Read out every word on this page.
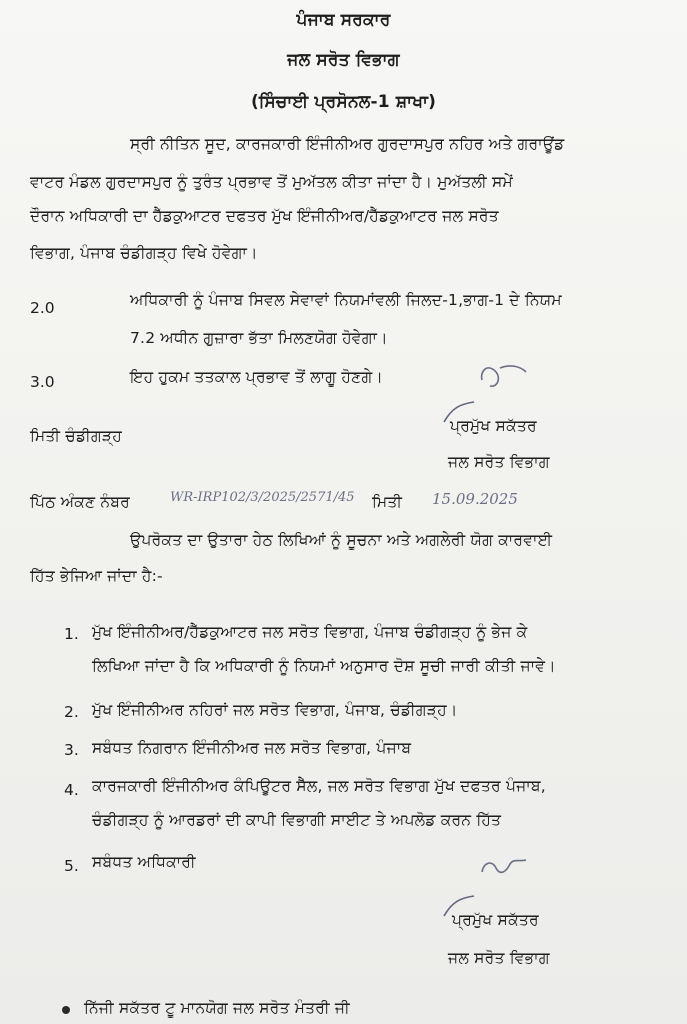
ਪੰਜਾਬ ਸਰਕਾਰ
ਜਲ ਸਰੋਤ ਵਿਭਾਗ
(ਸਿੰਚਾਈ ਪ੍ਰਸੋਨਲ-1 ਸ਼ਾਖਾ)
ਸ੍ਰੀ ਨੀਤਿਨ ਸੂਦ, ਕਾਰਜਕਾਰੀ ਇੰਜੀਨੀਅਰ ਗੁਰਦਾਸਪੁਰ ਨਹਿਰ ਅਤੇ ਗਰਾਊਂਡ
ਵਾਟਰ ਮੰਡਲ ਗੁਰਦਾਸਪੁਰ ਨੂੰ ਤੁਰੰਤ ਪ੍ਰਭਾਵ ਤੋਂ ਮੁਅੱਤਲ ਕੀਤਾ ਜਾਂਦਾ ਹੈ। ਮੁਅੱਤਲੀ ਸਮੇਂ
ਦੌਰਾਨ ਅਧਿਕਾਰੀ ਦਾ ਹੈੱਡਕੁਆਟਰ ਦਫਤਰ ਮੁੱਖ ਇੰਜੀਨੀਅਰ/ਹੈੱਡਕੁਆਟਰ ਜਲ ਸਰੋਤ
ਵਿਭਾਗ, ਪੰਜਾਬ ਚੰਡੀਗੜ੍ਹ ਵਿਖੇ ਹੋਵੇਗਾ।
2.0	ਅਧਿਕਾਰੀ ਨੂੰ ਪੰਜਾਬ ਸਿਵਲ ਸੇਵਾਵਾਂ ਨਿਯਮਾਂਵਲੀ ਜਿਲਦ-1,ਭਾਗ-1 ਦੇ ਨਿਯਮ
7.2 ਅਧੀਨ ਗੁਜ਼ਾਰਾ ਭੱਤਾ ਮਿਲਣਯੋਗ ਹੋਵੇਗਾ।
3.0	ਇਹ ਹੁਕਮ ਤਤਕਾਲ ਪ੍ਰਭਾਵ ਤੋਂ ਲਾਗੂ ਹੋਣਗੇ।
ਮਿਤੀ ਚੰਡੀਗੜ੍ਹ
ਪ੍ਰਮੁੱਖ ਸਕੱਤਰ
ਜਲ ਸਰੋਤ ਵਿਭਾਗ
ਪਿੱਠ ਅੰਕਣ ਨੰਬਰ	WR-IRP102/3/2025/2571/45 ਮਿਤੀ 15.09.2025
ਉਪਰੋਕਤ ਦਾ ਉਤਾਰਾ ਹੇਠ ਲਿਖਿਆਂ ਨੂੰ ਸੂਚਨਾ ਅਤੇ ਅਗਲੇਰੀ ਯੋਗ ਕਾਰਵਾਈ
ਹਿੱਤ ਭੇਜਿਆ ਜਾਂਦਾ ਹੈ:-
1. ਮੁੱਖ ਇੰਜੀਨੀਅਰ/ਹੈੱਡਕੁਆਟਰ ਜਲ ਸਰੋਤ ਵਿਭਾਗ, ਪੰਜਾਬ ਚੰਡੀਗੜ੍ਹ ਨੂੰ ਭੇਜ ਕੇ
ਲਿਖਿਆ ਜਾਂਦਾ ਹੈ ਕਿ ਅਧਿਕਾਰੀ ਨੂੰ ਨਿਯਮਾਂ ਅਨੁਸਾਰ ਦੋਸ਼ ਸੂਚੀ ਜਾਰੀ ਕੀਤੀ ਜਾਵੇ।
2. ਮੁੱਖ ਇੰਜੀਨੀਅਰ ਨਹਿਰਾਂ ਜਲ ਸਰੋਤ ਵਿਭਾਗ, ਪੰਜਾਬ, ਚੰਡੀਗੜ੍ਹ।
3. ਸਬੰਧਤ ਨਿਗਰਾਨ ਇੰਜੀਨੀਅਰ ਜਲ ਸਰੋਤ ਵਿਭਾਗ, ਪੰਜਾਬ
4. ਕਾਰਜਕਾਰੀ ਇੰਜੀਨੀਅਰ ਕੰਪਿਊਟਰ ਸੈੱਲ, ਜਲ ਸਰੋਤ ਵਿਭਾਗ ਮੁੱਖ ਦਫਤਰ ਪੰਜਾਬ,
ਚੰਡੀਗੜ੍ਹ ਨੂੰ ਆਰਡਰਾਂ ਦੀ ਕਾਪੀ ਵਿਭਾਗੀ ਸਾਈਟ ਤੇ ਅਪਲੋਡ ਕਰਨ ਹਿੱਤ
5. ਸਬੰਧਤ ਅਧਿਕਾਰੀ
ਪ੍ਰਮੁੱਖ ਸਕੱਤਰ
ਜਲ ਸਰੋਤ ਵਿਭਾਗ
ਨਿੱਜੀ ਸਕੱਤਰ ਟੂ ਮਾਨਯੋਗ ਜਲ ਸਰੋਤ ਮੰਤਰੀ ਜੀ
